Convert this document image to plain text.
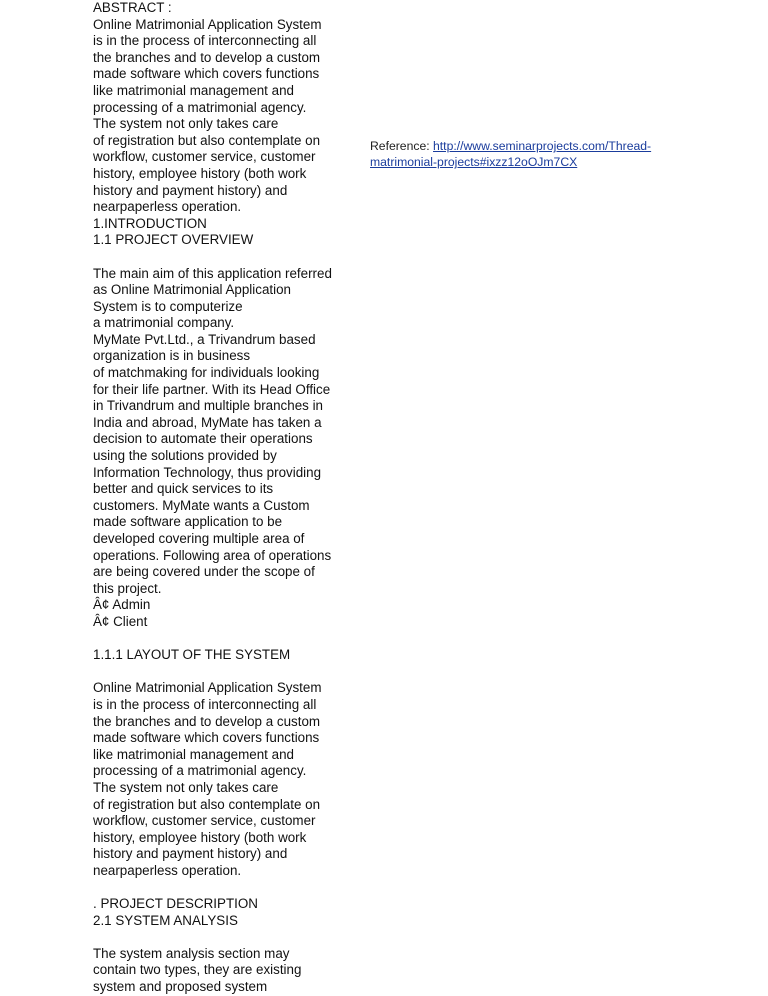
ABSTRACT :
Online Matrimonial Application System
is in the process of interconnecting all
the branches and to develop a custom
made software which covers functions
like matrimonial management and
processing of a matrimonial agency.
The system not only takes care
of registration but also contemplate on
workflow, customer service, customer
history, employee history (both work
history and payment history) and
nearpaperless operation.
1.INTRODUCTION
1.1 PROJECT OVERVIEW
The main aim of this application referred
as Online Matrimonial Application
System is to computerize
a matrimonial company.
MyMate Pvt.Ltd., a Trivandrum based
organization is in business
of matchmaking for individuals looking
for their life partner. With its Head Office
in Trivandrum and multiple branches in
India and abroad, MyMate has taken a
decision to automate their operations
using the solutions provided by
Information Technology, thus providing
better and quick services to its
customers. MyMate wants a Custom
made software application to be
developed covering multiple area of
operations. Following area of operations
are being covered under the scope of
this project.
Â¢ Admin
Â¢ Client
1.1.1 LAYOUT OF THE SYSTEM
Online Matrimonial Application System
is in the process of interconnecting all
the branches and to develop a custom
made software which covers functions
like matrimonial management and
processing of a matrimonial agency.
The system not only takes care
of registration but also contemplate on
workflow, customer service, customer
history, employee history (both work
history and payment history) and
nearpaperless operation.
. PROJECT DESCRIPTION
2.1 SYSTEM ANALYSIS
The system analysis section may
contain two types, they are existing
system and proposed system
Reference: http://www.seminarprojects.com/Thread-
matrimonial-projects#ixzz12oOJm7CX
